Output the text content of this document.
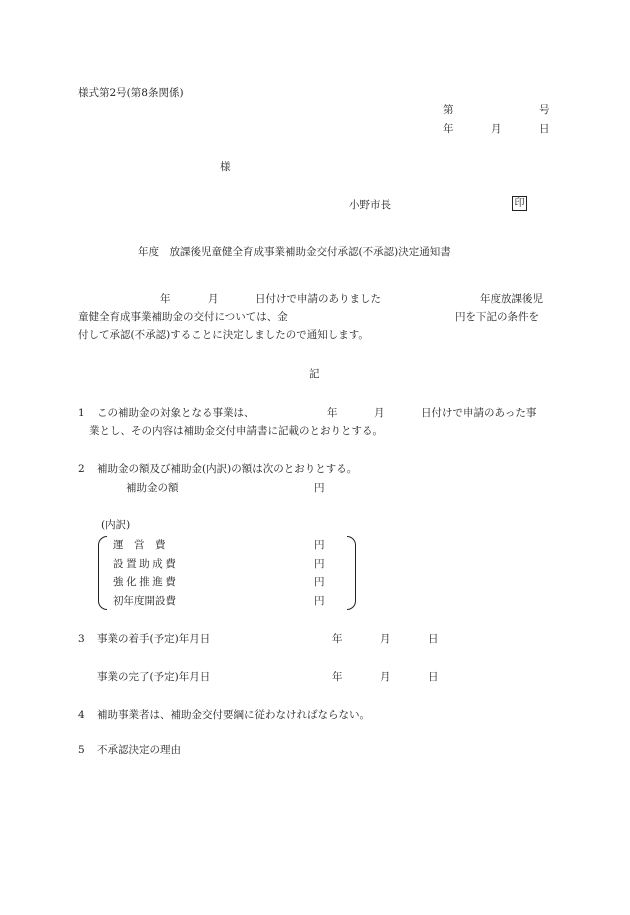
様式第2号(第8条関係)
第	号
年	月	日
様
小野市長	印
年度　放課後児童健全育成事業補助金交付承認(不承認)決定通知書
年	月	日付けで申請のありました	年度放課後児
童健全育成事業補助金の交付については、金	円を下記の条件を
付して承認(不承認)することに決定しましたので通知します。
記
1 この補助金の対象となる事業は、	年	月	日付けで申請のあった事
業とし、その内容は補助金交付申請書に記載のとおりとする。
2 補助金の額及び補助金(内訳)の額は次のとおりとする。
補助金の額	円
(内訳)
運　営　費	円
設置助成費	円
強化推進費	円
初年度開設費	円
3 事業の着手(予定)年月日	年	月	日
事業の完了(予定)年月日	年	月	日
4 補助事業者は、補助金交付要綱に従わなければならない。
5 不承認決定の理由
